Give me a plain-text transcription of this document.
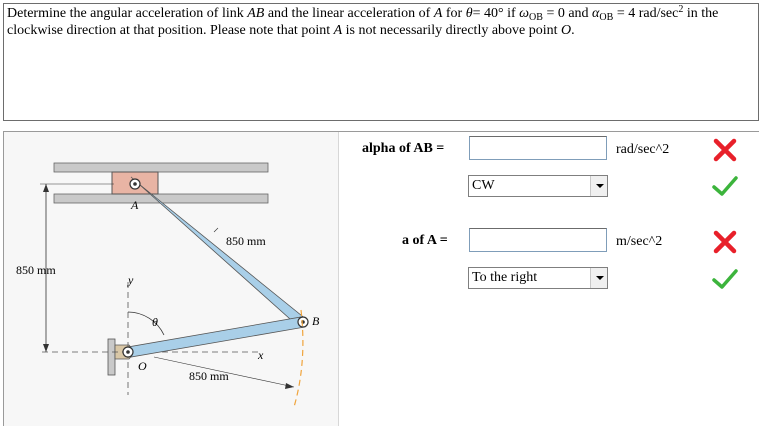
Determine the angular acceleration of link AB and the linear acceleration of A for θ= 40° if $\omega_{OB} = 0$ and $\alpha_{OB} = 4$ rad/$\sec^2$ in the clockwise direction at that position. Please note that point A is not necessarily directly above point O.
A
B
O
θ
x
y
850 mm
850 mm
850 mm
alpha of AB =	rad/sec^2
CW
a of A =	m/sec^2
To the right
